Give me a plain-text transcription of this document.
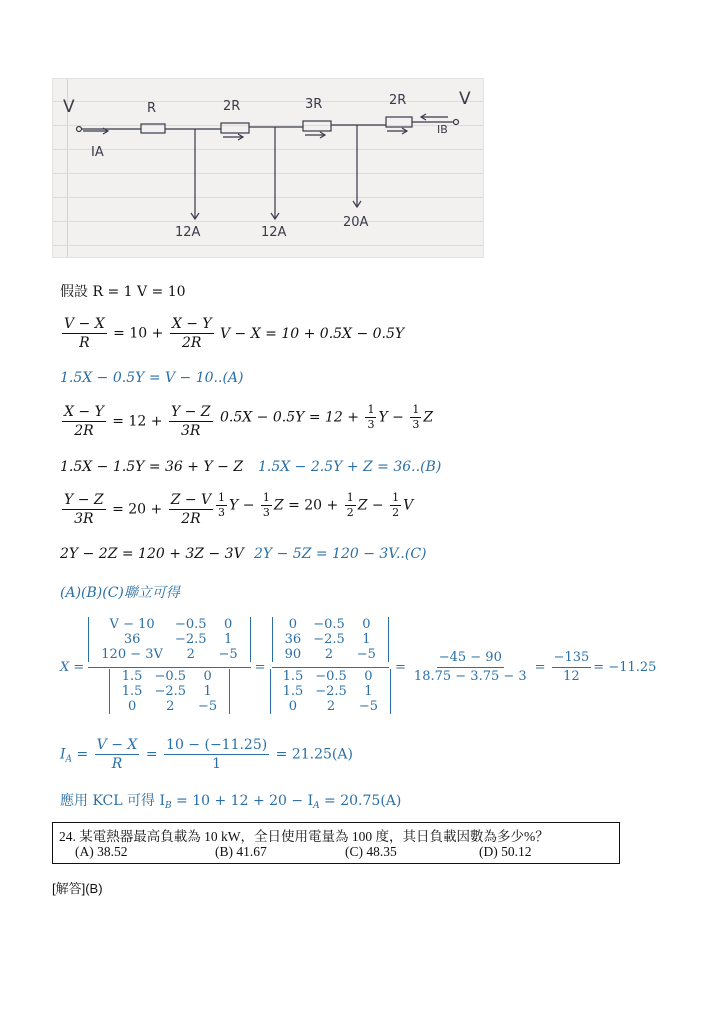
V	V
R	2R	3R	2R
IA
IB
12A	12A
20A
假設 R = 1 V = 10
$\frac{V - X}{R} = 10 + \frac{X - Y}{2R}$ V − X = 10 + 0.5X − 0.5Y
1.5X − 0.5Y = V − 10..(A)
$\frac{X - Y}{2R} = 12 + \frac{Y - Z}{3R} 0.5X - 0.5Y = 12 + \frac{1}{3}$ $Y - \frac{1}{3}$ Z
1.5X − 1.5Y = 36 + Y − Z 1.5X − 2.5Y + Z = 36..(B)
$\frac{Y - Z}{3R} = 20 + \frac{Z - V}{2R} \frac{1}{3}$ $Y - \frac{1}{3}$ $Z = 20 + \frac{1}{2}$ $Z - \frac{1}{2}$ V
2Y − 2Z = 120 + 3Z − 3V 2Y − 5Z = 120 − 3V..(C)
(A)(B)(C)聯立可得
X = V − 10	−0.5	0
36	−2.5	1
120 − 3V	2	−5
1.5	−0.5	0
1.5	−2.5	1
0	2	−5 = 0	−0.5	0
36	−2.5	1
90	2	−5
1.5	−0.5	0
1.5	−2.5	1
0	2	$-5 = \frac{-45 - 90}{18.75 - 3.75 - 3} = \frac{-135}{12} = -11.25$
$I_A = \frac{V - X}{R} = \frac{10 - (-11.25)}{1} = 21.25(A)$
應用 KCL 可得 $I_B = 10 + 12 + 20 - I_A = 20.75(A)$
24. 某電熱器最高負載為 10 kW，全日使用電量為 100 度，其日負載因數為多少%？
(A) 38.52	(B) 41.67	(C) 48.35	(D) 50.12
[解答](B)
